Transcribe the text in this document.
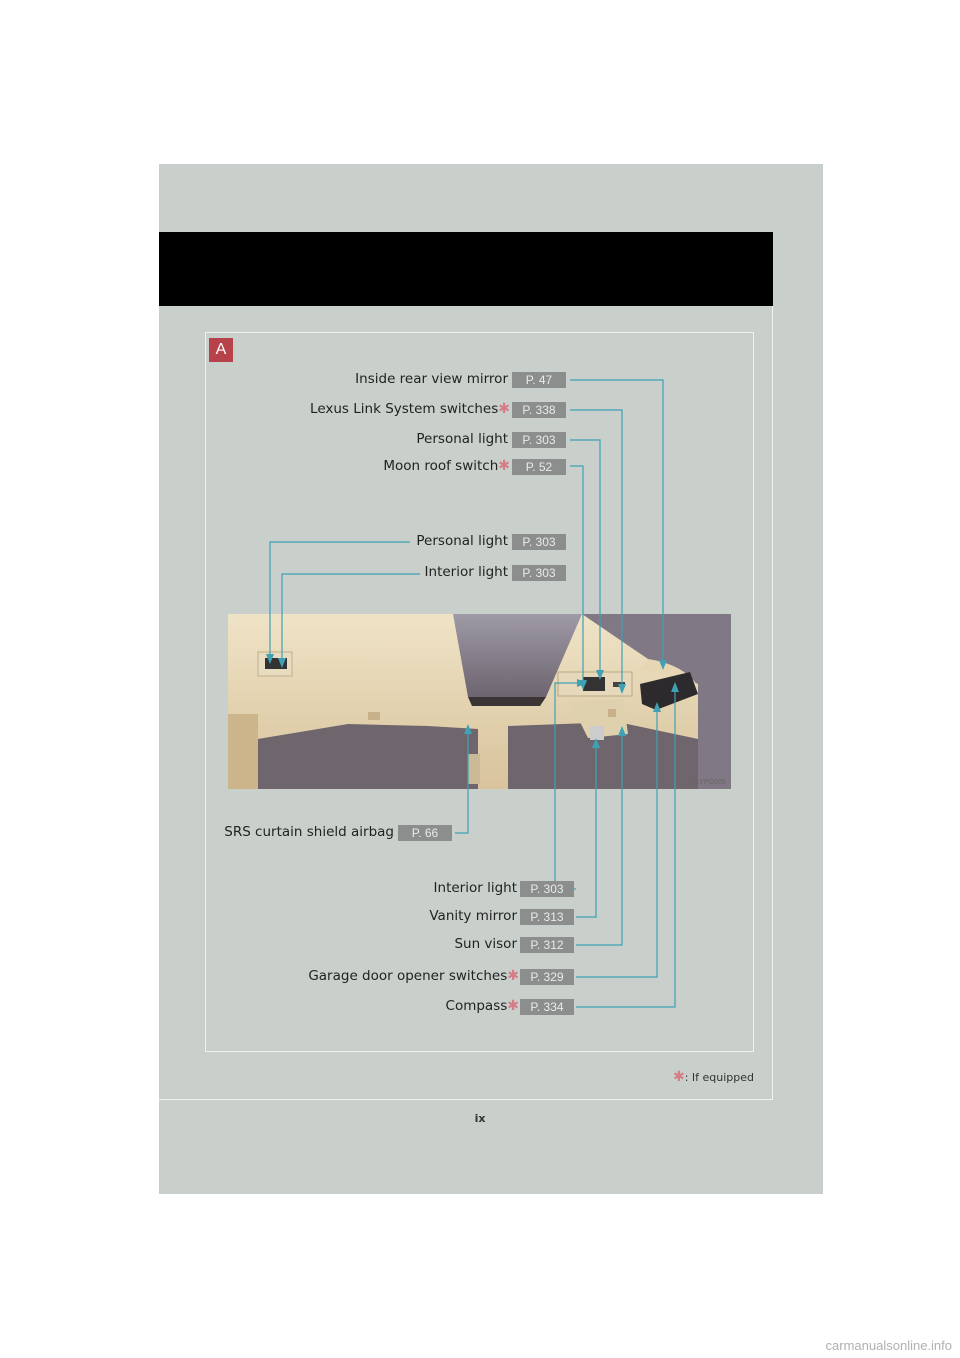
A
ILYPG005
Inside rear view mirror	P. 47
Lexus Link System switches✱	P. 338
Personal light	P. 303
Moon roof switch✱	P. 52
Personal light	P. 303
Interior light	P. 303
SRS curtain shield airbag	P. 66
Interior light	P. 303
Vanity mirror	P. 313
Sun visor	P. 312
Garage door opener switches✱ P. 329
Compass✱ P. 334
✱: If equipped
ix
carmanualsonline.info
